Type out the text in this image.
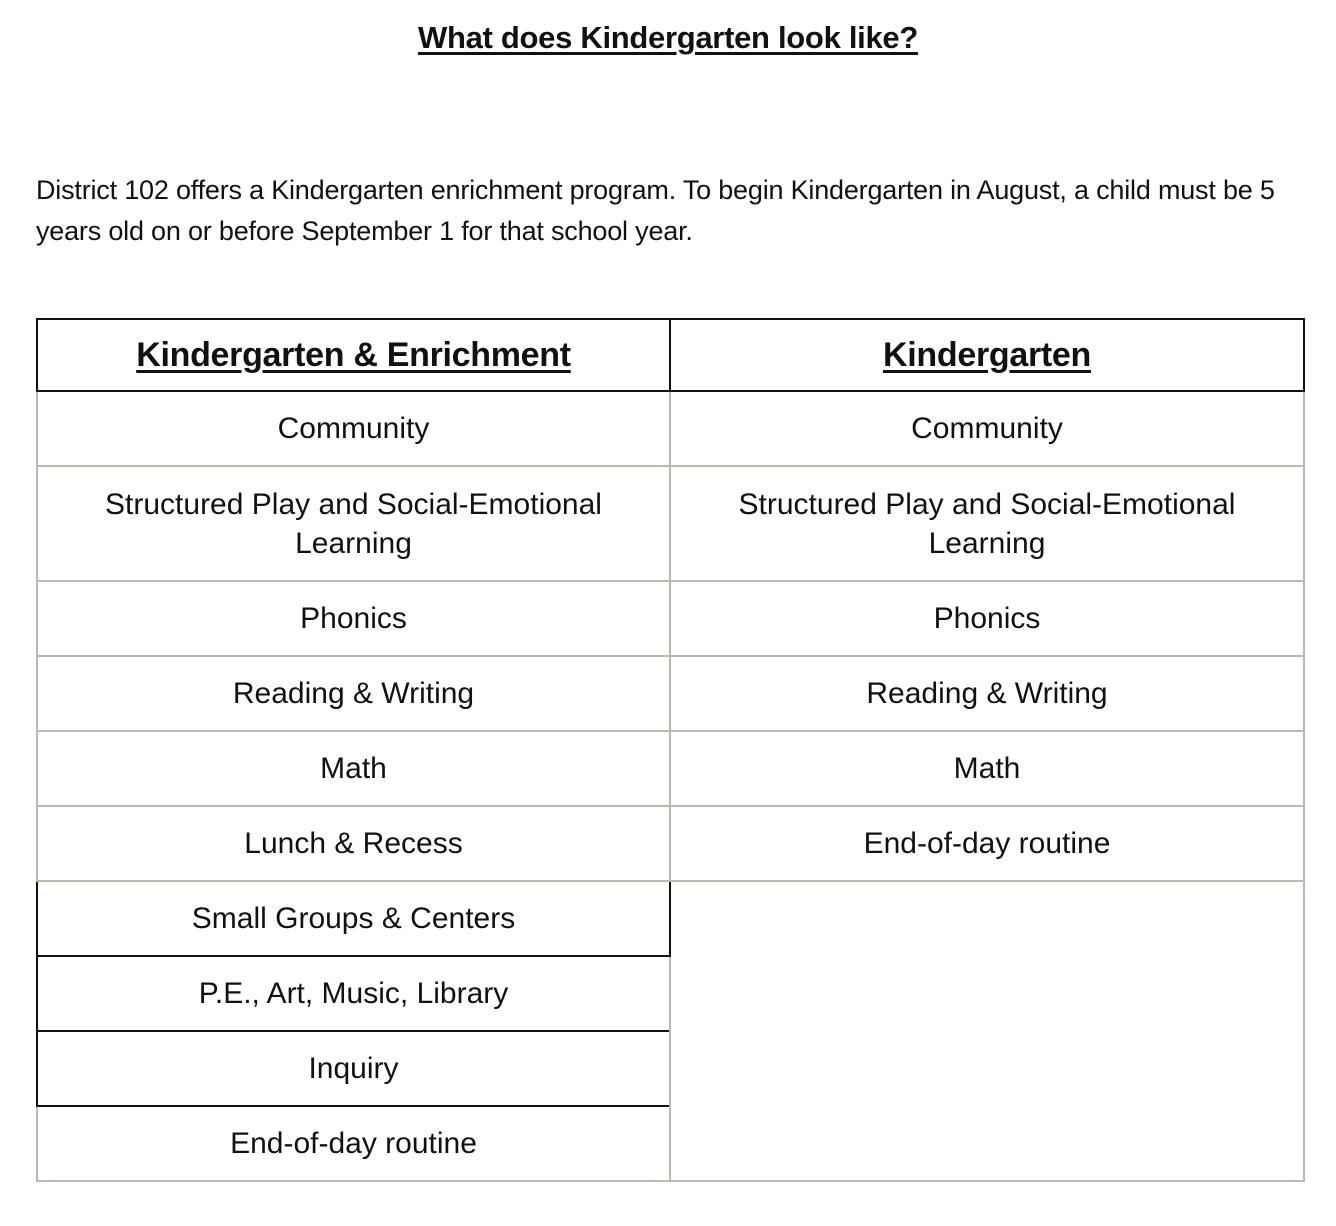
What does Kindergarten look like?

District 102 offers a Kindergarten enrichment program. To begin Kindergarten in August, a child must be 5 years old on or before September 1 for that school year.

Kindergarten & Enrichment	Kindergarten
Community	Community
Structured Play and Social-Emotional Learning	Structured Play and Social-Emotional Learning
Phonics	Phonics
Reading & Writing	Reading & Writing
Math	Math
Lunch & Recess	End-of-day routine
Small Groups & Centers	
P.E., Art, Music, Library	
Inquiry	
End-of-day routine	
